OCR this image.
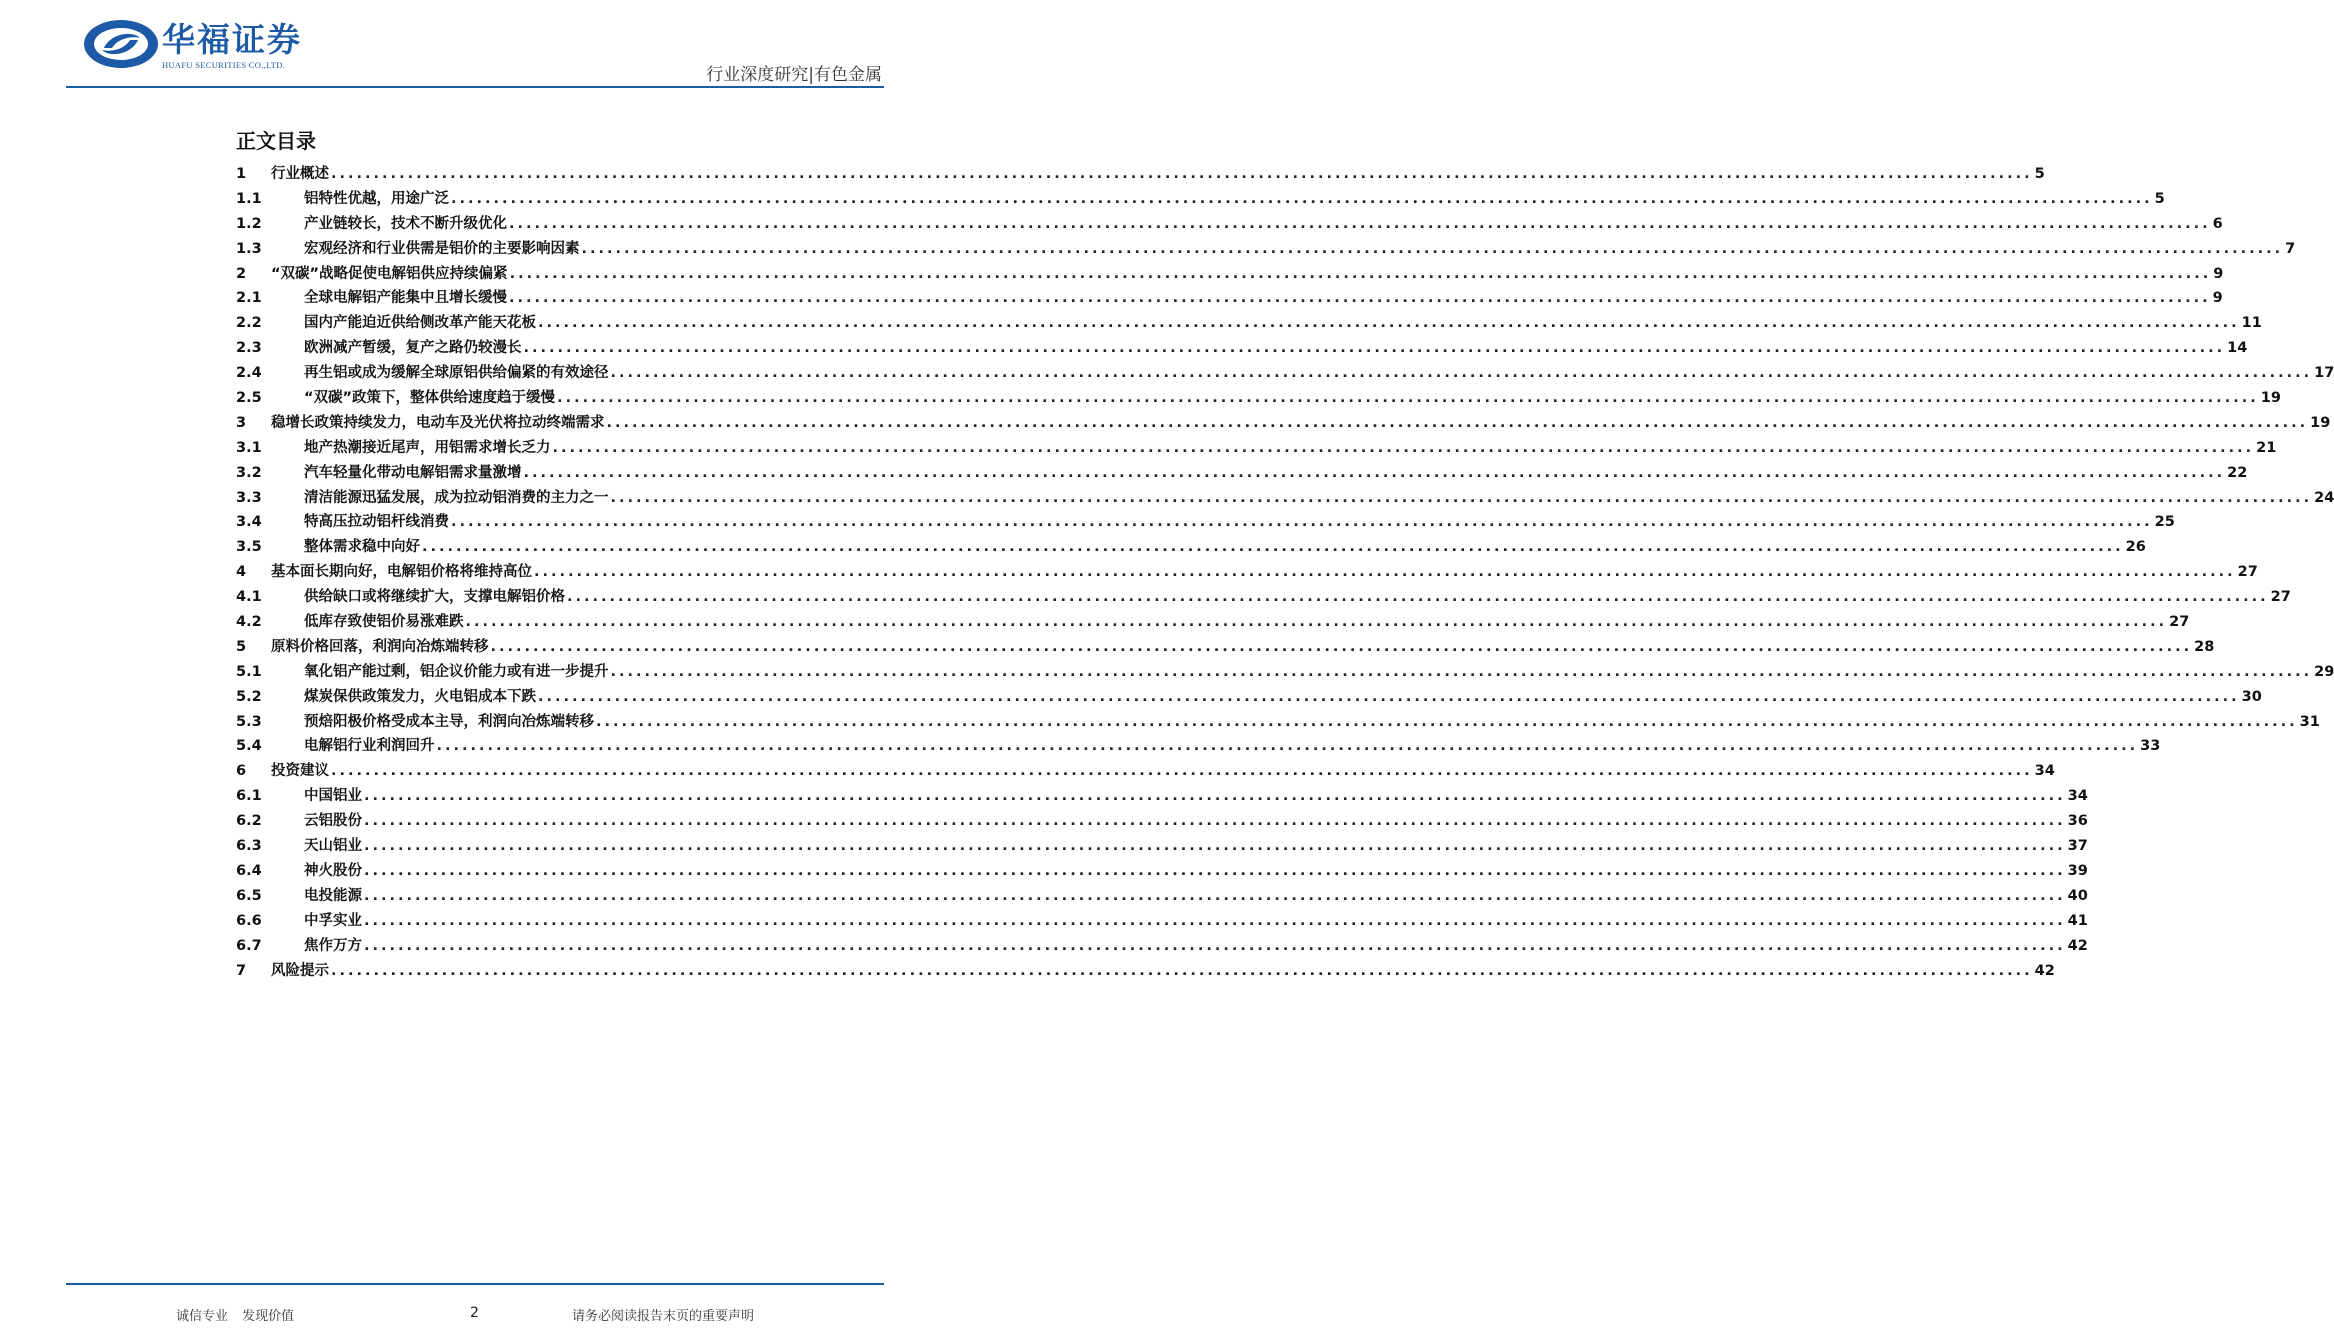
华福证券
HUAFU SECURITIES CO.,LTD.	行业深度研究|有色金属
正文目录
1	行业概述 ........................................................................................................................................................................................................ 5
1.1	铝特性优越，用途广泛 ........................................................................................................................................................................................................ 5
1.2	产业链较长，技术不断升级优化 ........................................................................................................................................................................................................ 6
1.3	宏观经济和行业供需是铝价的主要影响因素 ........................................................................................................................................................................................................ 7
2	“双碳”战略促使电解铝供应持续偏紧 ........................................................................................................................................................................................................ 9
2.1	全球电解铝产能集中且增长缓慢 ........................................................................................................................................................................................................ 9
2.2	国内产能迫近供给侧改革产能天花板 ........................................................................................................................................................................................................ 11
2.3	欧洲减产暂缓，复产之路仍较漫长 ........................................................................................................................................................................................................ 14
2.4	再生铝或成为缓解全球原铝供给偏紧的有效途径 ........................................................................................................................................................................................................ 17
2.5	“双碳”政策下，整体供给速度趋于缓慢 ........................................................................................................................................................................................................ 19
3	稳增长政策持续发力，电动车及光伏将拉动终端需求 ........................................................................................................................................................................................................ 19
3.1	地产热潮接近尾声，用铝需求增长乏力 ........................................................................................................................................................................................................ 21
3.2	汽车轻量化带动电解铝需求量激增 ........................................................................................................................................................................................................ 22
3.3	清洁能源迅猛发展，成为拉动铝消费的主力之一 ........................................................................................................................................................................................................ 24
3.4	特高压拉动铝杆线消费 ........................................................................................................................................................................................................ 25
3.5	整体需求稳中向好 ........................................................................................................................................................................................................ 26
4	基本面长期向好，电解铝价格将维持高位 ........................................................................................................................................................................................................ 27
4.1	供给缺口或将继续扩大，支撑电解铝价格 ........................................................................................................................................................................................................ 27
4.2	低库存致使铝价易涨难跌 ........................................................................................................................................................................................................ 27
5	原料价格回落，利润向冶炼端转移 ........................................................................................................................................................................................................ 28
5.1	氧化铝产能过剩，铝企议价能力或有进一步提升 ........................................................................................................................................................................................................ 29
5.2	煤炭保供政策发力，火电铝成本下跌 ........................................................................................................................................................................................................ 30
5.3	预焙阳极价格受成本主导，利润向冶炼端转移 ........................................................................................................................................................................................................ 31
5.4	电解铝行业利润回升 ........................................................................................................................................................................................................ 33
6	投资建议 ........................................................................................................................................................................................................ 34
6.1	中国铝业 ........................................................................................................................................................................................................ 34
6.2	云铝股份 ........................................................................................................................................................................................................ 36
6.3	天山铝业 ........................................................................................................................................................................................................ 37
6.4	神火股份 ........................................................................................................................................................................................................ 39
6.5	电投能源 ........................................................................................................................................................................................................ 40
6.6	中孚实业 ........................................................................................................................................................................................................ 41
6.7	焦作万方 ........................................................................................................................................................................................................ 42
7	风险提示 ........................................................................................................................................................................................................ 42
诚信专业 发现价值	2	请务必阅读报告末页的重要声明
